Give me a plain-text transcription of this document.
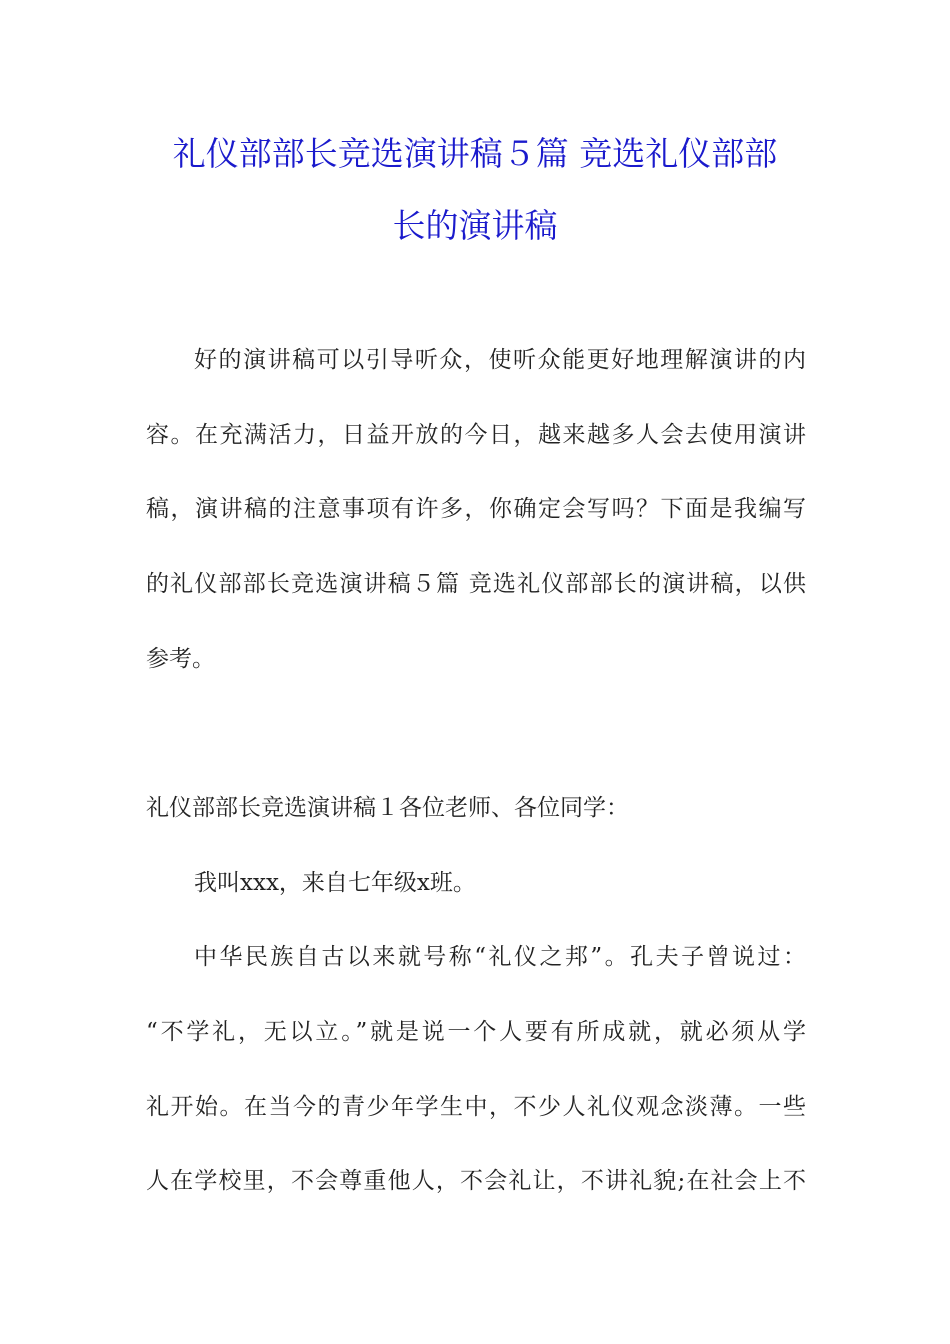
礼仪部部长竞选演讲稿５篇 竞选礼仪部部
长的演讲稿
好的演讲稿可以引导听众，使听众能更好地理解演讲的内
容。在充满活力，日益开放的今日，越来越多人会去使用演讲
稿，演讲稿的注意事项有许多，你确定会写吗？下面是我编写
的礼仪部部长竞选演讲稿５篇 竞选礼仪部部长的演讲稿，以供
参考。
礼仪部部长竞选演讲稿１各位老师、各位同学：
我叫xxx，来自七年级x班。
中华民族自古以来就号称“礼仪之邦”。孔夫子曾说过：
“不学礼，无以立。”就是说一个人要有所成就，就必须从学
礼开始。在当今的青少年学生中，不少人礼仪观念淡薄。一些
人在学校里，不会尊重他人，不会礼让，不讲礼貌;在社会上不
